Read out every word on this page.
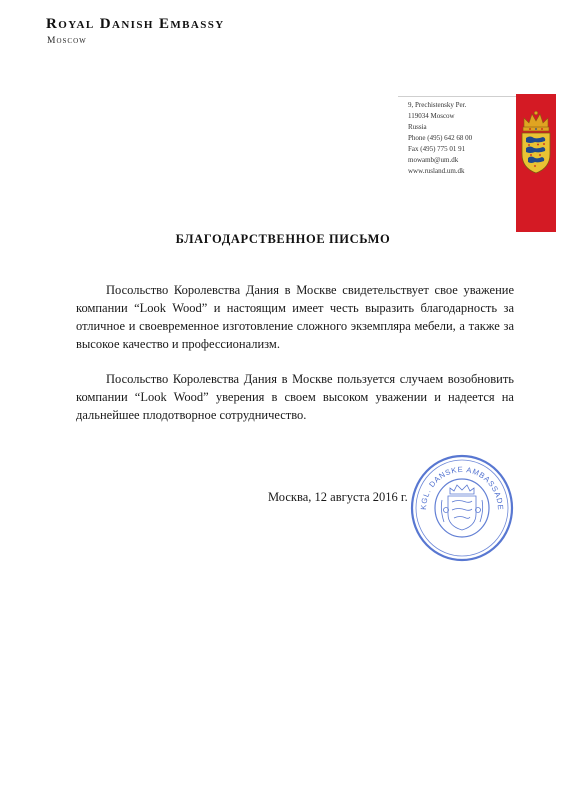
Royal Danish Embassy
Moscow
9, Prechistensky Per.
119034 Moscow
Russia
Phone (495) 642 68 00
Fax (495) 775 01 91
mowamb@um.dk
www.rusland.um.dk
БЛАГОДАРСТВЕННОЕ ПИСЬМО
Посольство Королевства Дания в Москве свидетельствует свое уважение компании “Look Wood” и настоящим имеет честь выразить благодарность за отличное и своевременное изготовление сложного экземпляра мебели, а также за высокое качество и профессионализм.
Посольство Королевства Дания в Москве пользуется случаем возобновить компании “Look Wood” уверения в своем высоком уважении и надеется на дальнейшее плодотворное сотрудничество.
Москва, 12 августа 2016 г.
KGL. DANSKE AMBASSADE
